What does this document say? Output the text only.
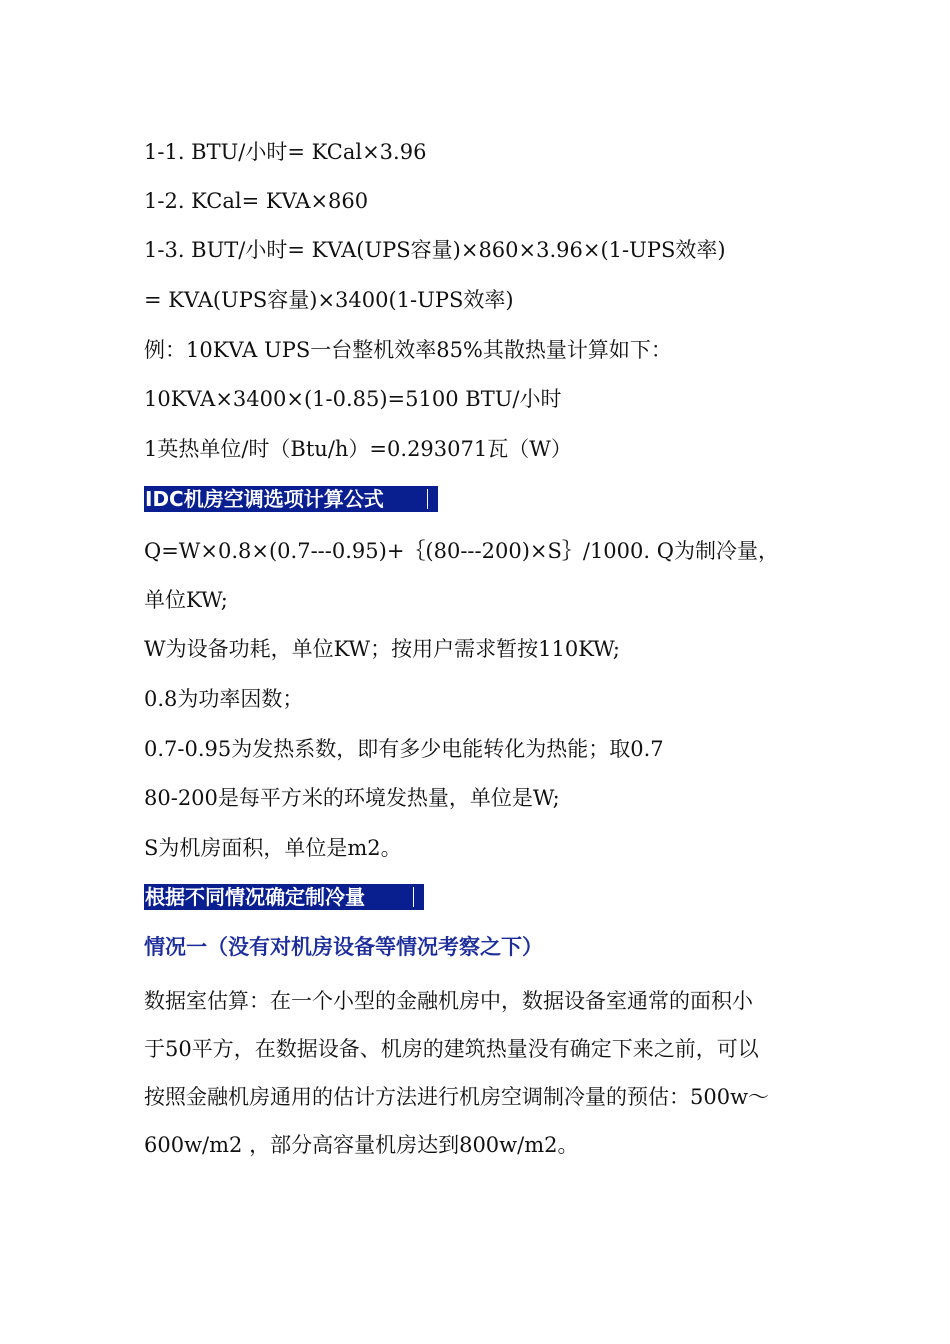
1-1. BTU/小时= KCal×3.96
1-2. KCal= KVA×860
1-3. BUT/小时= KVA(UPS容量)×860×3.96×(1-UPS效率)
= KVA(UPS容量)×3400(1-UPS效率)
例：10KVA UPS一台整机效率85%其散热量计算如下：
10KVA×3400×(1-0.85)=5100 BTU/小时
1英热单位/时（Btu/h）=0.293071瓦（W）
IDC机房空调选项计算公式
Q=W×0.8×(0.7---0.95)+｛(80---200)×S｝/1000. Q为制冷量，
单位KW;
W为设备功耗，单位KW；按用户需求暂按110KW;
0.8为功率因数；
0.7-0.95为发热系数，即有多少电能转化为热能；取0.7
80-200是每平方米的环境发热量，单位是W;
S为机房面积，单位是m2。
根据不同情况确定制冷量
情况一（没有对机房设备等情况考察之下）
数据室估算：在一个小型的金融机房中，数据设备室通常的面积小
于50平方，在数据设备、机房的建筑热量没有确定下来之前，可以
按照金融机房通用的估计方法进行机房空调制冷量的预估：500w～
600w/m2 ，部分高容量机房达到800w/m2。
